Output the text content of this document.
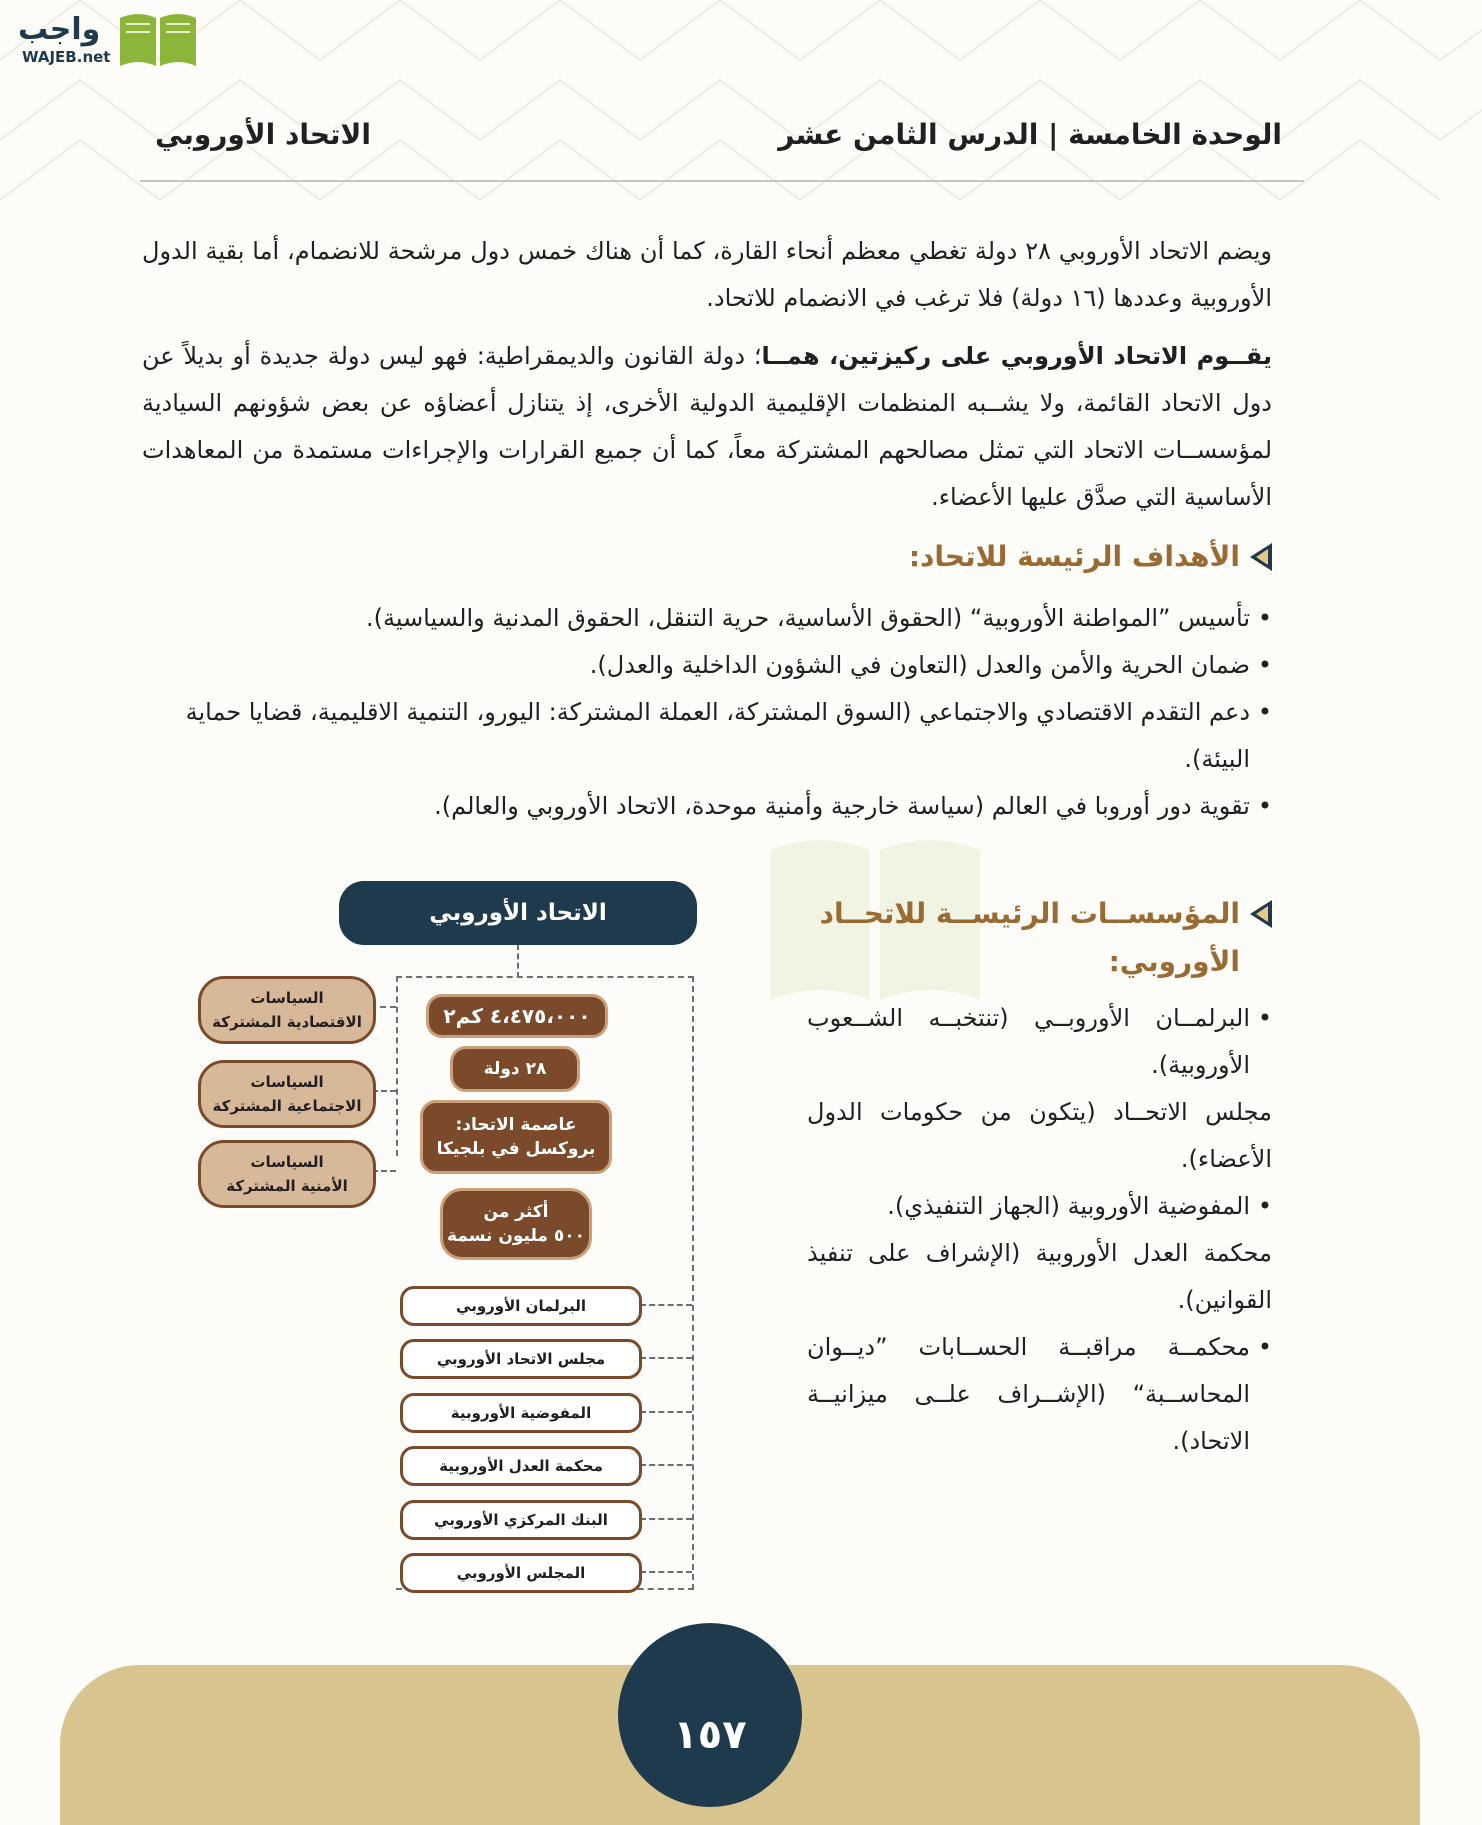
واجب
WAJEB.net
الوحدة الخامسة | الدرس الثامن عشر
الاتحاد الأوروبي

ويضم الاتحاد الأوروبي ٢٨ دولة تغطي معظم أنحاء القارة، كما أن هناك خمس دول مرشحة للانضمام، أما بقية الدول الأوروبية وعددها (١٦ دولة) فلا ترغب في الانضمام للاتحاد.

يقــوم الاتحاد الأوروبي على ركيزتين، همــا؛ دولة القانون والديمقراطية: فهو ليس دولة جديدة أو بديلاً عن دول الاتحاد القائمة، ولا يشــبه المنظمات الإقليمية الدولية الأخرى، إذ يتنازل أعضاؤه عن بعض شؤونهم السيادية لمؤسســات الاتحاد التي تمثل مصالحهم المشتركة معاً، كما أن جميع القرارات والإجراءات مستمدة من المعاهدات الأساسية التي صدَّق عليها الأعضاء.

الأهداف الرئيسة للاتحاد:
• تأسيس ”المواطنة الأوروبية“ (الحقوق الأساسية، حرية التنقل، الحقوق المدنية والسياسية).
• ضمان الحرية والأمن والعدل (التعاون في الشؤون الداخلية والعدل).
• دعم التقدم الاقتصادي والاجتماعي (السوق المشتركة، العملة المشتركة: اليورو، التنمية الاقليمية، قضايا حماية البيئة).
• تقوية دور أوروبا في العالم (سياسة خارجية وأمنية موحدة، الاتحاد الأوروبي والعالم).
المؤسســات الرئيســة للاتحــاد الأوروبي:
• البرلمــان الأوروبــي (تنتخبــه الشــعوب الأوروبية).
مجلس الاتحــاد (يتكون من حكومات الدول الأعضاء).
• المفوضية الأوروبية (الجهاز التنفيذي).
محكمة العدل الأوروبية (الإشراف على تنفيذ القوانين).
• محكمــة مراقبــة الحســابات ”ديــوان المحاســبة“ (الإشــراف علــى ميزانيــة الاتحاد).
الاتحاد الأوروبي
٤،٤٧٥،٠٠٠ كم٢
٢٨ دولة
عاصمة الاتحاد:
بروكسل في بلجيكا
أكثر من
٥٠٠ مليون نسمة
السياسات
الاقتصادية المشتركة
السياسات
الاجتماعية المشتركة
السياسات
الأمنية المشتركة
البرلمان الأوروبي
مجلس الاتحاد الأوروبي
المفوضية الأوروبية
محكمة العدل الأوروبية
البنك المركزي الأوروبي
المجلس الأوروبي
١٥٧
